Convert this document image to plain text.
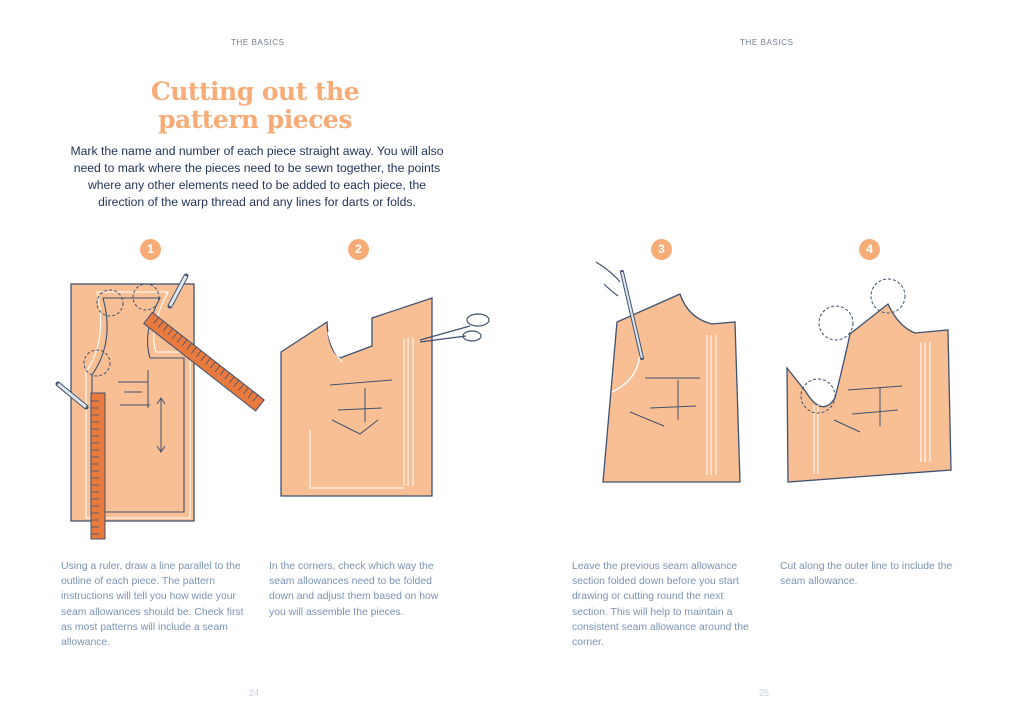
THE BASICS	THE BASICS
Cutting out the
pattern pieces
Mark the name and number of each piece straight away. You will also need to mark where the pieces need to be sewn together, the points where any other elements need to be added to each piece, the direction of the warp thread and any lines for darts or folds.
1	2	3	4
Using a ruler, draw a line parallel to the outline of each piece. The pattern instructions will tell you how wide your seam allowances should be. Check first as most patterns will include a seam allowance.
In the corners, check which way the seam allowances need to be folded down and adjust them based on how you will assemble the pieces.
Leave the previous seam allowance section folded down before you start drawing or cutting round the next section. This will help to maintain a consistent seam allowance around the corner.
Cut along the outer line to include the seam allowance.
24	25
